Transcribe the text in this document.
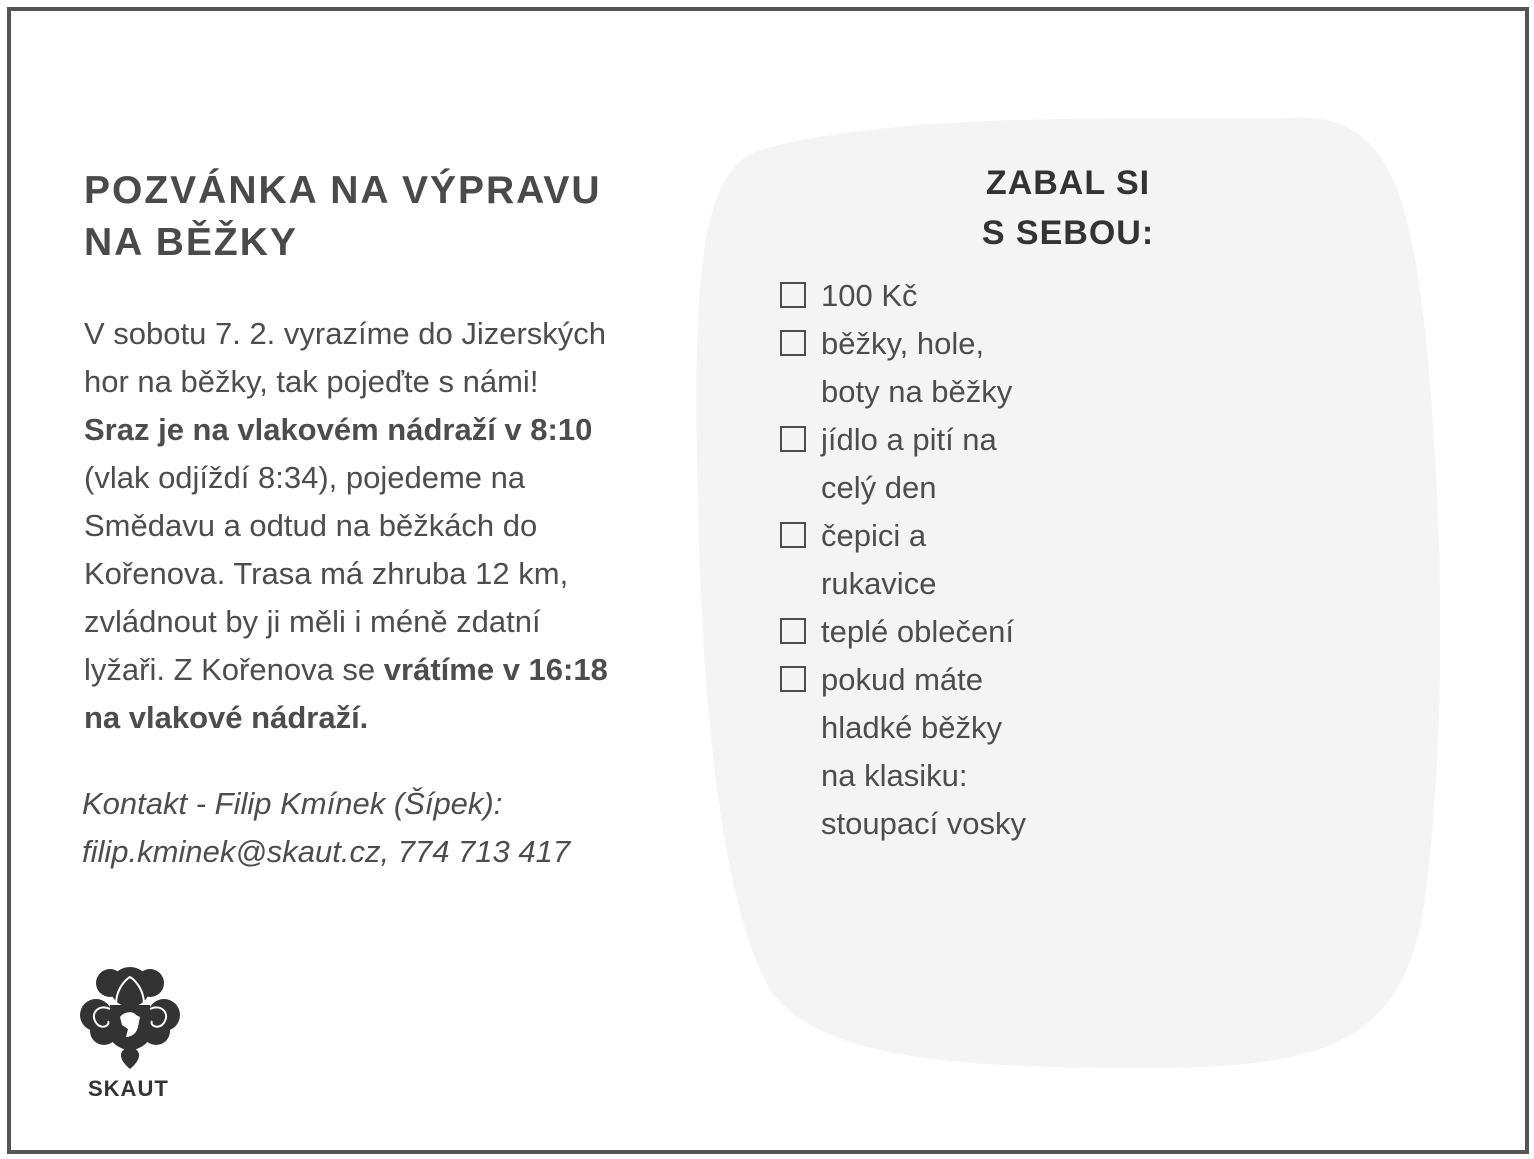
POZVÁNKA NA VÝPRAVU
NA BĚŽKY
V sobotu 7. 2. vyrazíme do Jizerských
hor na běžky, tak pojeďte s námi!
Sraz je na vlakovém nádraží v 8:10
(vlak odjíždí 8:34), pojedeme na
Smědavu a odtud na běžkách do
Kořenova. Trasa má zhruba 12 km,
zvládnout by ji měli i méně zdatní
lyžaři. Z Kořenova se vrátíme v 16:18
na vlakové nádraží.
Kontakt - Filip Kmínek (Šípek):
filip.kminek@skaut.cz, 774 713 417
ZABAL SI
S SEBOU:
100 Kč
běžky, hole,
boty na běžky
jídlo a pití na
celý den
čepici a
rukavice
teplé oblečení
pokud máte
hladké běžky
na klasiku:
stoupací vosky
SKAUT
